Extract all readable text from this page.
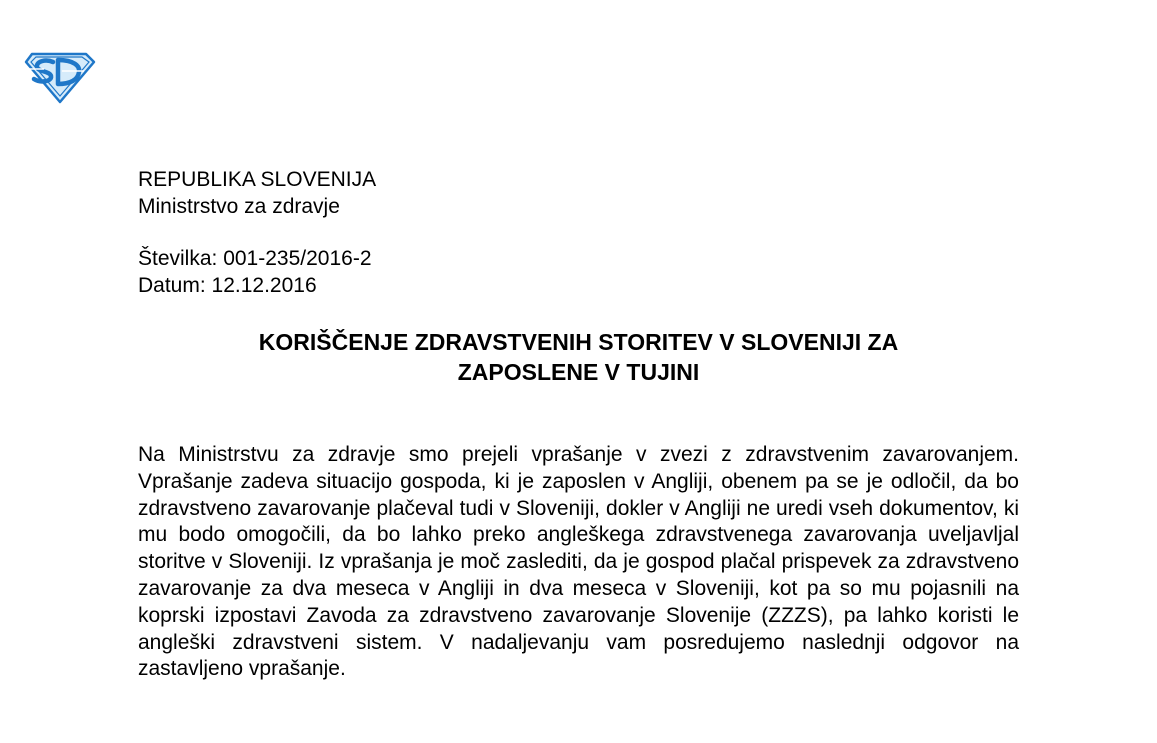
REPUBLIKA SLOVENIJA
Ministrstvo za zdravje
Številka: 001-235/2016-2
Datum: 12.12.2016
KORIŠČENJE ZDRAVSTVENIH STORITEV V SLOVENIJI ZA
ZAPOSLENE V TUJINI

Na Ministrstvu za zdravje smo prejeli vprašanje v zvezi z zdravstvenim zavarovanjem. Vprašanje zadeva situacijo gospoda, ki je zaposlen v Angliji, obenem pa se je odločil, da bo zdravstveno zavarovanje plačeval tudi v Sloveniji, dokler v Angliji ne uredi vseh dokumentov, ki mu bodo omogočili, da bo lahko preko angleškega zdravstvenega zavarovanja uveljavljal storitve v Sloveniji. Iz vprašanja je moč zaslediti, da je gospod plačal prispevek za zdravstveno zavarovanje za dva meseca v Angliji in dva meseca v Sloveniji, kot pa so mu pojasnili na koprski izpostavi Zavoda za zdravstveno zavarovanje Slovenije (ZZZS), pa lahko koristi le angleški zdravstveni sistem. V nadaljevanju vam posredujemo naslednji odgovor na zastavljeno vprašanje.
